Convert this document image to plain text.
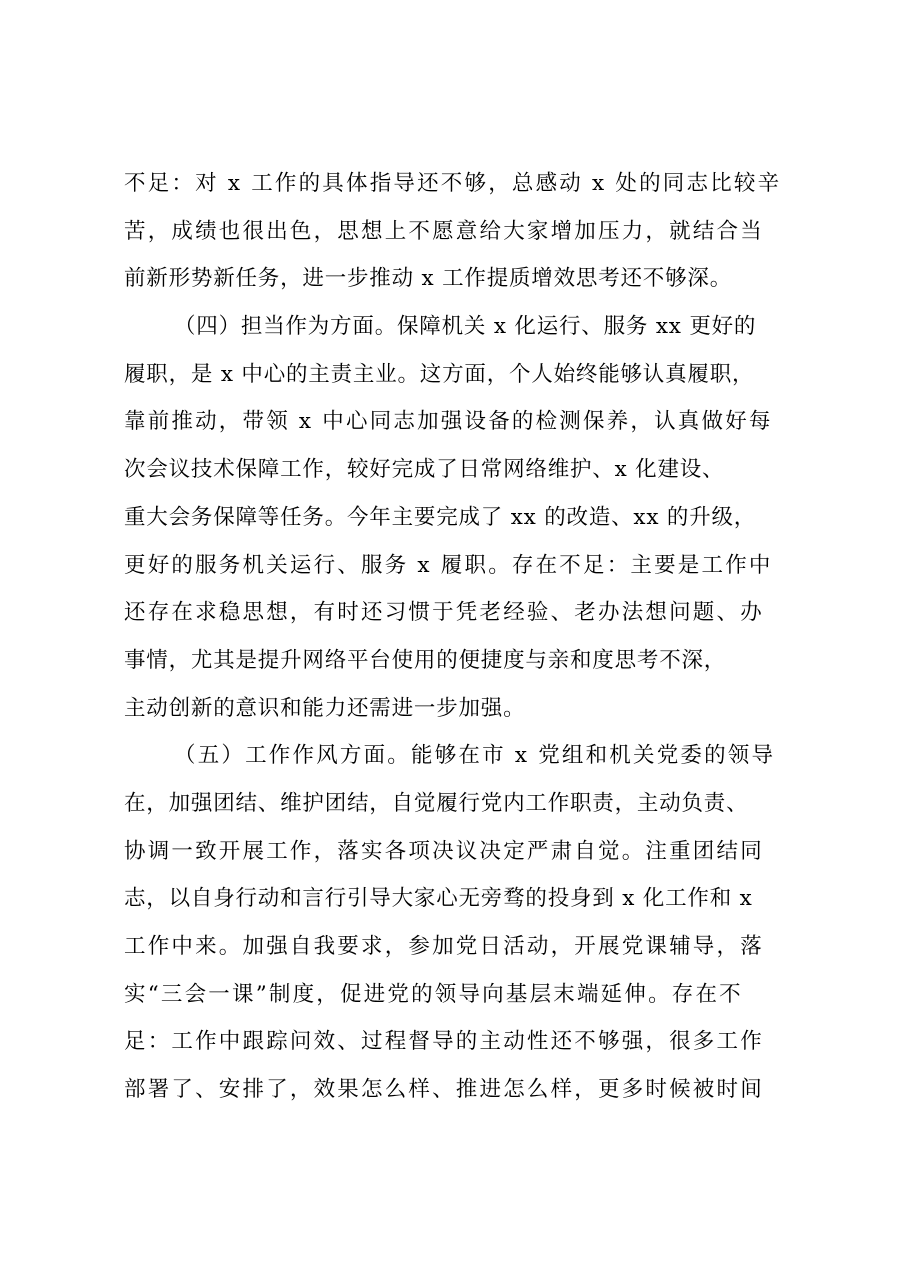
不足：对 x 工作的具体指导还不够，总感动 x 处的同志比较辛
苦，成绩也很出色，思想上不愿意给大家增加压力，就结合当
前新形势新任务，进一步推动 x 工作提质增效思考还不够深。
（四）担当作为方面。保障机关 x 化运行、服务 xx 更好的
履职，是 x 中心的主责主业。这方面，个人始终能够认真履职，
靠前推动，带领 x 中心同志加强设备的检测保养，认真做好每
次会议技术保障工作，较好完成了日常网络维护、x 化建设、
重大会务保障等任务。今年主要完成了 xx 的改造、xx 的升级，
更好的服务机关运行、服务 x 履职。存在不足：主要是工作中
还存在求稳思想，有时还习惯于凭老经验、老办法想问题、办
事情，尤其是提升网络平台使用的便捷度与亲和度思考不深，
主动创新的意识和能力还需进一步加强。
（五）工作作风方面。能够在市 x 党组和机关党委的领导
在，加强团结、维护团结，自觉履行党内工作职责，主动负责、
协调一致开展工作，落实各项决议决定严肃自觉。注重团结同
志，以自身行动和言行引导大家心无旁骛的投身到 x 化工作和 x
工作中来。加强自我要求，参加党日活动，开展党课辅导，落
实“三会一课”制度，促进党的领导向基层末端延伸。存在不
足：工作中跟踪问效、过程督导的主动性还不够强，很多工作
部署了、安排了，效果怎么样、推进怎么样，更多时候被时间
